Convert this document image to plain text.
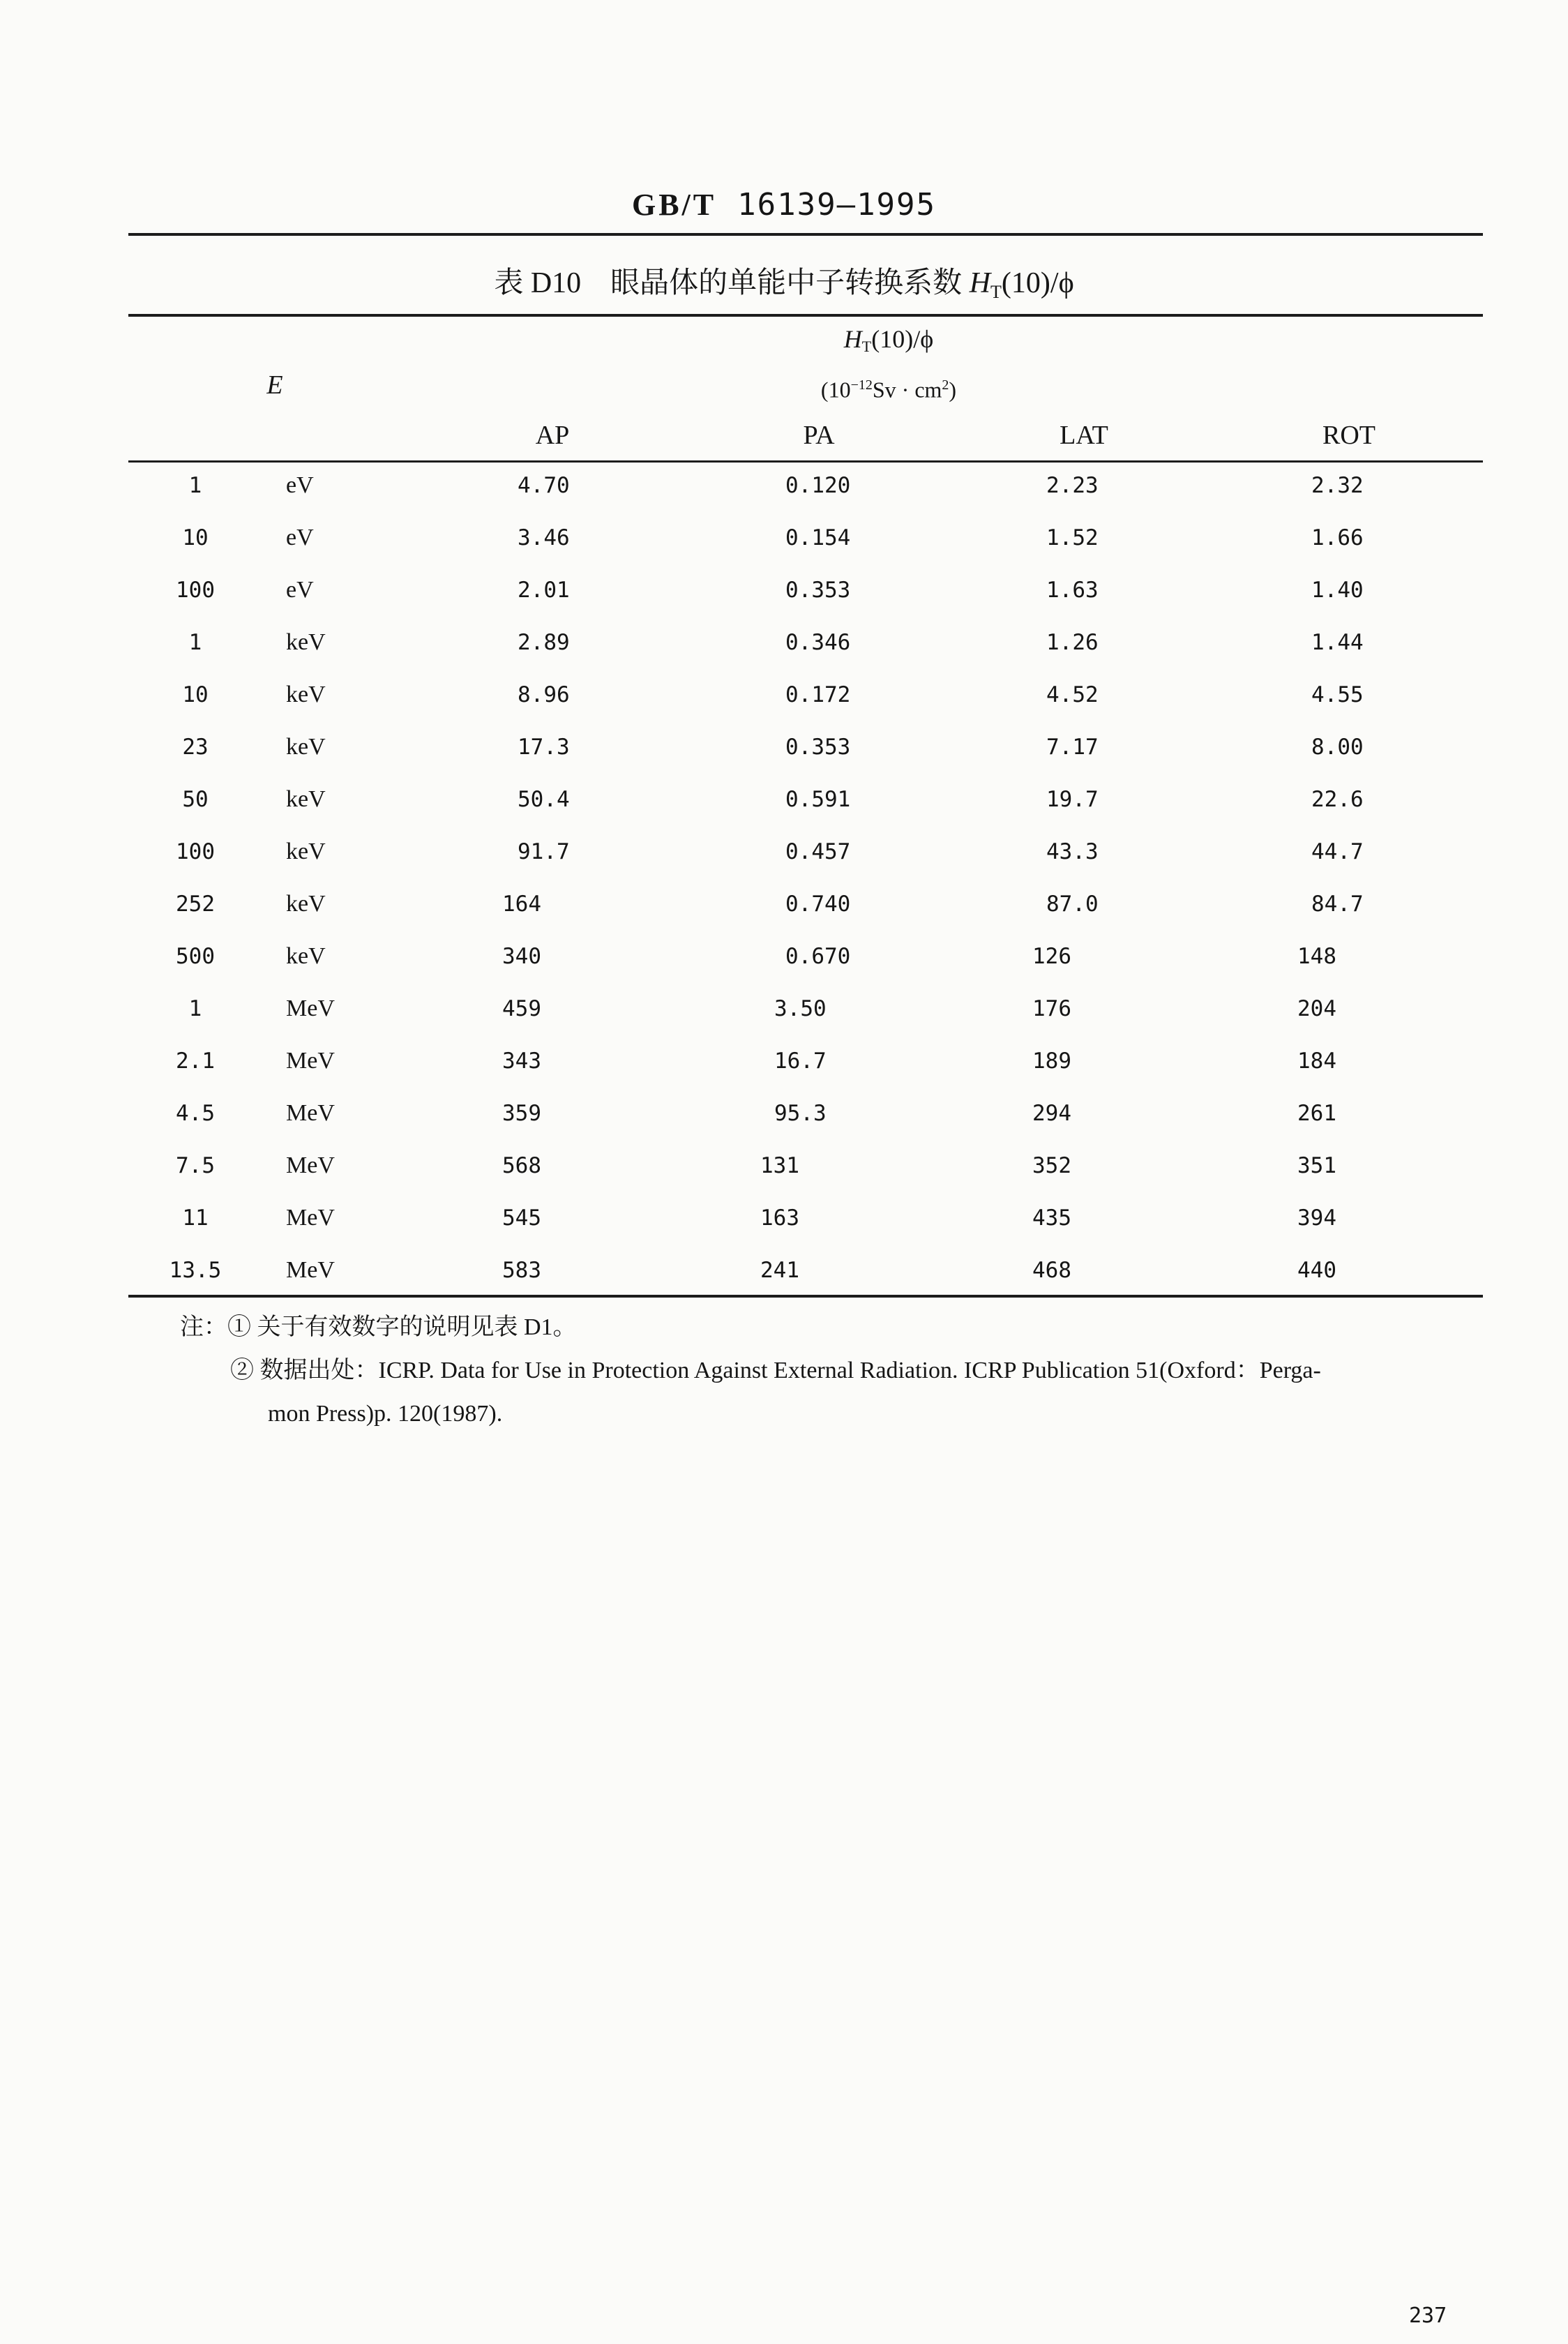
GB/T 16139—1995
表 D10 眼晶体的单能中子转换系数 $H_T(10)/\phi$
$H_T(10)/\phi$
$(10^{-12}Sv \cdot cm^2)$
E
AP	PA	LAT	ROT
1	eV	4.70	0.120	2.23	2.32
10	eV	3.46	0.154	1.52	1.66
100	eV	2.01	0.353	1.63	1.40
1	keV	2.89	0.346	1.26	1.44
10	keV	8.96	0.172	4.52	4.55
23	keV	17.3	0.353	7.17	8.00
50	keV	50.4	0.591	19.7	22.6
100	keV	91.7	0.457	43.3	44.7
252	keV	164	0.740	87.0	84.7
500	keV	340	0.670	126	148
1	MeV	459	3.50	176	204
2.1	MeV	343	16.7	189	184
4.5	MeV	359	95.3	294	261
7.5	MeV	568	131	352	351
11	MeV	545	163	435	394
13.5	MeV	583	241	468	440
注：① 关于有效数字的说明见表 D1。
② 数据出处：ICRP. Data for Use in Protection Against External Radiation. ICRP Publication 51(Oxford：Perga-
mon Press)p. 120(1987).
237
